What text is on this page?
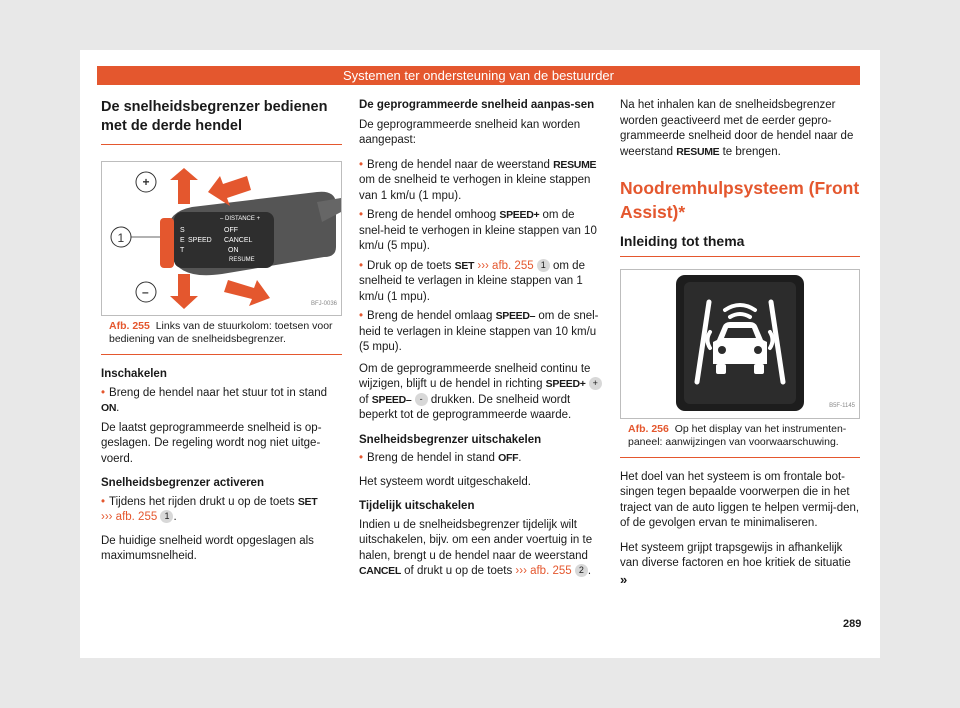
Systemen ter ondersteuning van de bestuurder
De snelheidsbegrenzer bedienen met de derde hendel
– DISTANCE +
S
E
T
SPEED
OFF
CANCEL
ON
RESUME
+
1
–
BFJ-0036
Afb. 255 Links van de stuurkolom: toetsen voor bediening van de snelheidsbegrenzer.

Inschakelen

• Breng de hendel naar het stuur tot in stand
ON.

De laatst geprogrammeerde snelheid is op-geslagen. De regeling wordt nog niet uitge-voerd.

Snelheidsbegrenzer activeren

• Tijdens het rijden drukt u op de toets SET
››› afb. 255 1 .

De huidige snelheid wordt opgeslagen als maximumsnelheid.

De geprogrammeerde snelheid aanpas-sen

De geprogrammeerde snelheid kan worden aangepast:

• Breng de hendel naar de weerstand RESUME om de snelheid te verhogen in kleine stappen van 1 km/u (1 mpu).

• Breng de hendel omhoog SPEED+ om de snel-heid te verhogen in kleine stappen van 10 km/u (5 mpu).

• Druk op de toets SET ››› afb. 255 1 om de snelheid te verlagen in kleine stappen van 1 km/u (1 mpu).

• Breng de hendel omlaag SPEED– om de snel-heid te verlagen in kleine stappen van 10 km/u (5 mpu).

Om de geprogrammeerde snelheid continu te wijzigen, blijft u de hendel in richting SPEED+ + of SPEED– - drukken. De snelheid wordt beperkt tot de geprogrammeerde waarde.

Snelheidsbegrenzer uitschakelen

• Breng de hendel in stand OFF.

Het systeem wordt uitgeschakeld.

Tijdelijk uitschakelen

Indien u de snelheidsbegrenzer tijdelijk wilt uitschakelen, bijv. om een ander voertuig in te halen, brengt u de hendel naar de weerstand CANCEL of drukt u op de toets ››› afb. 255 2 .

Na het inhalen kan de snelheidsbegrenzer worden geactiveerd met de eerder gepro-grammeerde snelheid door de hendel naar de weerstand RESUME te brengen.

Noodremhulpsysteem (Front Assist)*
Inleiding tot thema
B5F-1145
Afb. 256 Op het display van het instrumenten-paneel: aanwijzingen van voorwaarschuwing.

Het doel van het systeem is om frontale bot-singen tegen bepaalde voorwerpen die in het traject van de auto liggen te helpen vermij-den, of de gevolgen ervan te minimaliseren.

Het systeem grijpt trapsgewijs in afhankelijk van diverse factoren en hoe kritiek de situatie »

289
